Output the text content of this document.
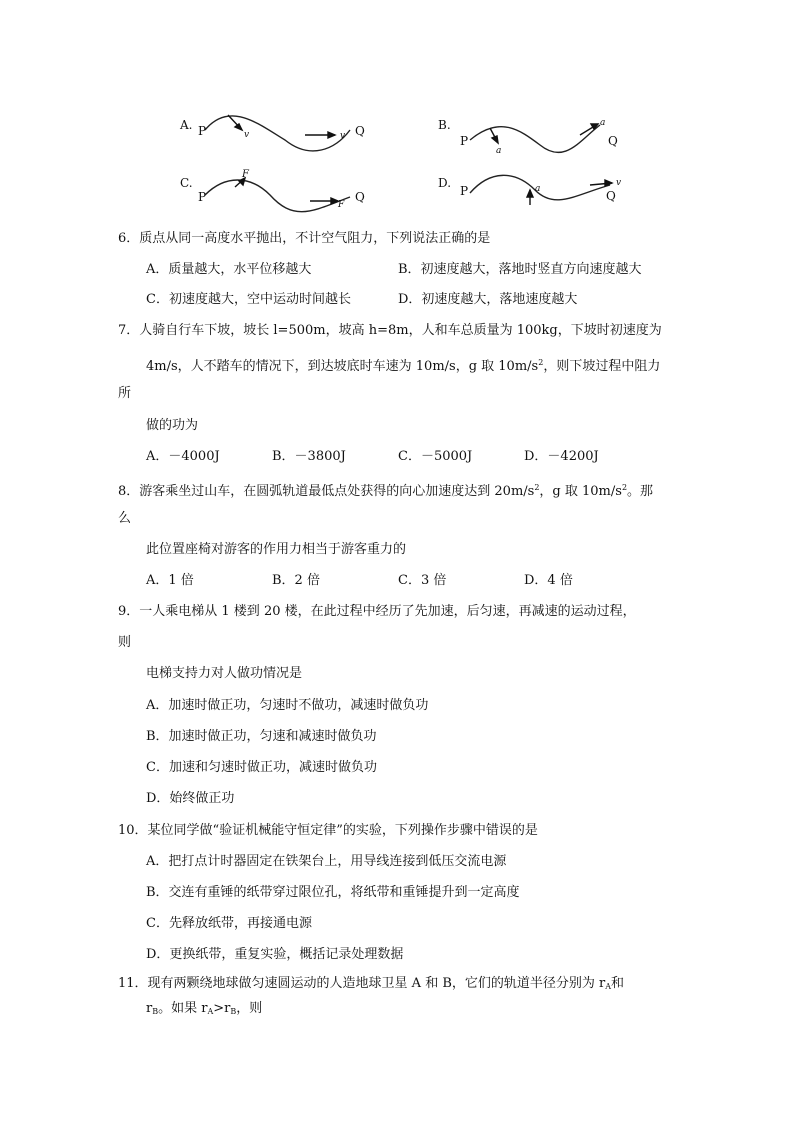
A. P	Q
v	v
B.
P	Q
a
a
C.
P	Q
F
F
D.
P	Q
a
v
6．质点从同一高度水平抛出，不计空气阻力，下列说法正确的是
A．质量越大，水平位移越大	B．初速度越大，落地时竖直方向速度越大
C．初速度越大，空中运动时间越长	D．初速度越大，落地速度越大
7．人骑自行车下坡，坡长 l=500m，坡高 h=8m，人和车总质量为 100kg，下坡时初速度为
4m/s，人不踏车的情况下，到达坡底时车速为 10m/s，g 取 $10m/s^2$，则下坡过程中阻力
所
做的功为
A．－4000J	B．－3800J	C．－5000J	D．－4200J
8．游客乘坐过山车，在圆弧轨道最低点处获得的向心加速度达到 $20m/s^2$，g 取 $10m/s^2$。那
么
此位置座椅对游客的作用力相当于游客重力的
A．1 倍	B．2 倍	C．3 倍	D．4 倍
9．一人乘电梯从 1 楼到 20 楼，在此过程中经历了先加速，后匀速，再减速的运动过程，
则
电梯支持力对人做功情况是
A．加速时做正功，匀速时不做功，减速时做负功
B．加速时做正功，匀速和减速时做负功
C．加速和匀速时做正功，减速时做负功
D．始终做正功
10．某位同学做“验证机械能守恒定律”的实验，下列操作步骤中错误的是
A．把打点计时器固定在铁架台上，用导线连接到低压交流电源
B．交连有重锤的纸带穿过限位孔，将纸带和重锤提升到一定高度
C．先释放纸带，再接通电源
D．更换纸带，重复实验，概括记录处理数据
11．现有两颗绕地球做匀速圆运动的人造地球卫星 A 和 B，它们的轨道半径分别为 $r_A$和
$r_B$。如果 $r_A>r_B$，则
